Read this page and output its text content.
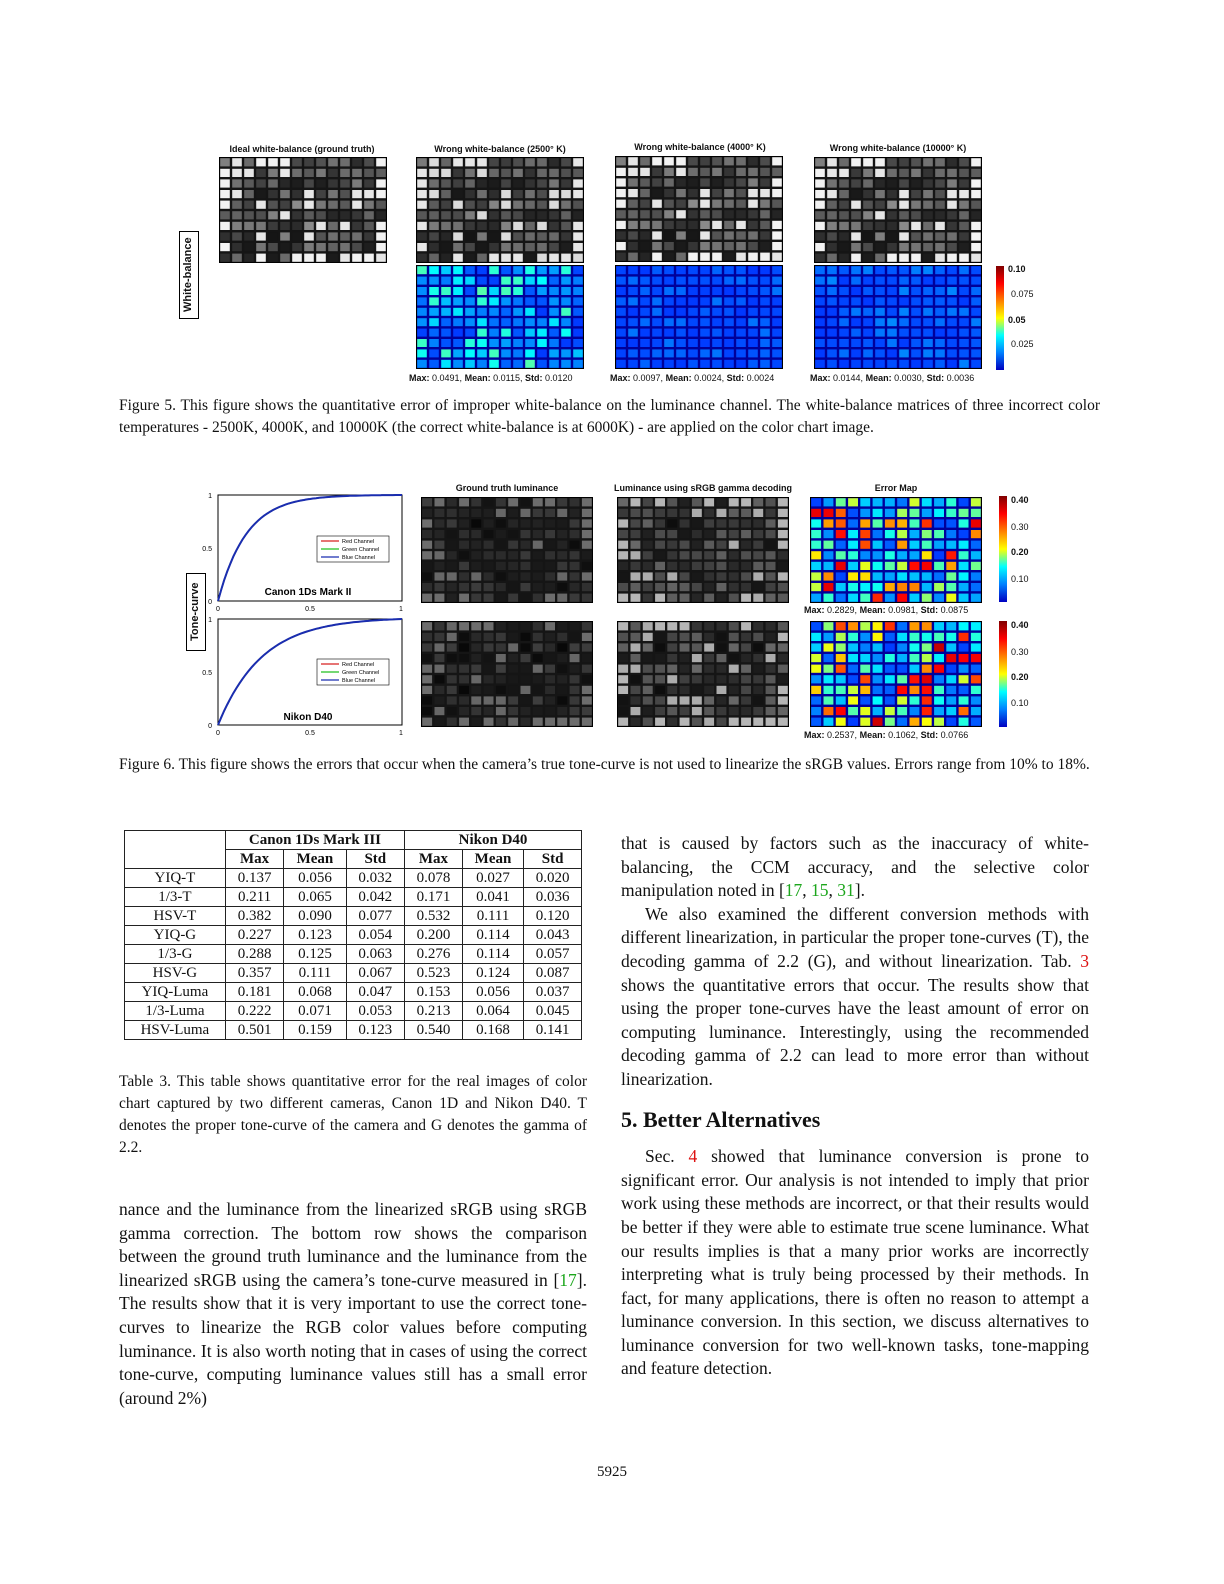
Ideal white-balance (ground truth)	Wrong white-balance (2500° K)	Wrong white-balance (4000° K)	Wrong white-balance (10000° K)
White-balance	0.10
0.075
0.05
0.025
Max: 0.0491, Mean: 0.0115, Std: 0.0120	Max: 0.0097, Mean: 0.0024, Std: 0.0024	Max: 0.0144, Mean: 0.0030, Std: 0.0036
Figure 5. This figure shows the quantitative error of improper white-balance on the luminance channel. The white-balance matrices of three incorrect color temperatures - 2500K, 4000K, and 10000K (the correct white-balance is at 6000K) - are applied on the color chart image.
Ground truth luminance	Luminance using sRGB gamma decoding	Error Map
Tone-curve
1
0.5
0
0	0.5	1
Red Channel
Green Channel
Blue Channel
Canon 1Ds Mark II
1
0.5
0
0	0.5	1
Red Channel
Green Channel
Blue Channel
Nikon D40
0.40
0.30
0.20
0.10
0.40
0.30
0.20
0.10
Max: 0.2829, Mean: 0.0981, Std: 0.0875
Max: 0.2537, Mean: 0.1062, Std: 0.0766
Figure 6. This figure shows the errors that occur when the camera’s true tone-curve is not used to linearize the sRGB values. Errors range from 10% to 18%.
	Canon 1Ds Mark III			Nikon D40		
	Max	Mean	Std	Max	Mean	Std
YIQ-T	0.137	0.056	0.032	0.078	0.027	0.020
1/3-T	0.211	0.065	0.042	0.171	0.041	0.036
HSV-T	0.382	0.090	0.077	0.532	0.111	0.120
YIQ-G	0.227	0.123	0.054	0.200	0.114	0.043
1/3-G	0.288	0.125	0.063	0.276	0.114	0.057
HSV-G	0.357	0.111	0.067	0.523	0.124	0.087
YIQ-Luma	0.181	0.068	0.047	0.153	0.056	0.037
1/3-Luma	0.222	0.071	0.053	0.213	0.064	0.045
HSV-Luma	0.501	0.159	0.123	0.540	0.168	0.141
Table 3. This table shows quantitative error for the real images of color chart captured by two different cameras, Canon 1D and Nikon D40. T denotes the proper tone-curve of the camera and G denotes the gamma of 2.2.

nance and the luminance from the linearized sRGB using sRGB gamma correction. The bottom row shows the comparison between the ground truth luminance and the luminance from the linearized sRGB using the camera’s tone-curve measured in [17]. The results show that it is very important to use the correct tone-curves to linearize the RGB color values before computing luminance. It is also worth noting that in cases of using the correct tone-curve, computing luminance values still has a small error (around 2%)

that is caused by factors such as the inaccuracy of white-balancing, the CCM accuracy, and the selective color manipulation noted in [17, 15, 31].

We also examined the different conversion methods with different linearization, in particular the proper tone-curves (T), the decoding gamma of 2.2 (G), and without linearization. Tab. 3 shows the quantitative errors that occur. The results show that using the proper tone-curves have the least amount of error on computing luminance. Interestingly, using the recommended decoding gamma of 2.2 can lead to more error than without linearization.

5. Better Alternatives

Sec. 4 showed that luminance conversion is prone to significant error. Our analysis is not intended to imply that prior work using these methods are incorrect, or that their results would be better if they were able to estimate true scene luminance. What our results implies is that a many prior works are incorrectly interpreting what is truly being processed by their methods. In fact, for many applications, there is often no reason to attempt a luminance conversion. In this section, we discuss alternatives to luminance conversion for two well-known tasks, tone-mapping and feature detection.

5925
